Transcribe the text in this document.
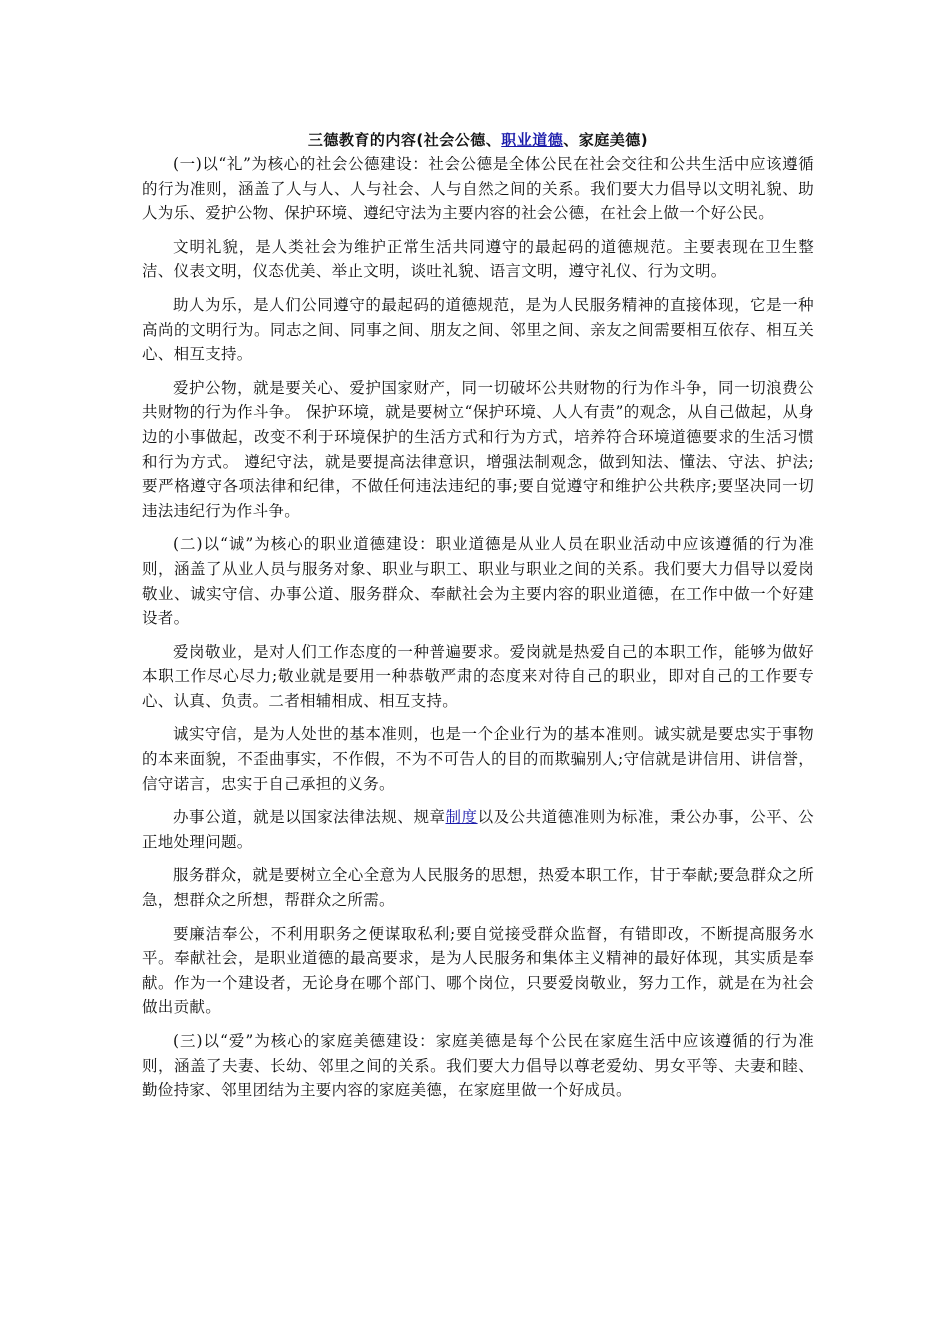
三德教育的内容(社会公德、职业道德、家庭美德)

(一)以“礼”为核心的社会公德建设：社会公德是全体公民在社会交往和公共生活中应该遵循的行为准则，涵盖了人与人、人与社会、人与自然之间的关系。我们要大力倡导以文明礼貌、助人为乐、爱护公物、保护环境、遵纪守法为主要内容的社会公德，在社会上做一个好公民。

文明礼貌，是人类社会为维护正常生活共同遵守的最起码的道德规范。主要表现在卫生整洁、仪表文明，仪态优美、举止文明，谈吐礼貌、语言文明，遵守礼仪、行为文明。

助人为乐，是人们公同遵守的最起码的道德规范，是为人民服务精神的直接体现，它是一种高尚的文明行为。同志之间、同事之间、朋友之间、邻里之间、亲友之间需要相互依存、相互关心、相互支持。

爱护公物，就是要关心、爱护国家财产，同一切破坏公共财物的行为作斗争，同一切浪费公共财物的行为作斗争。 保护环境，就是要树立“保护环境、人人有责”的观念，从自己做起，从身边的小事做起，改变不利于环境保护的生活方式和行为方式，培养符合环境道德要求的生活习惯和行为方式。 遵纪守法，就是要提高法律意识，增强法制观念，做到知法、懂法、守法、护法;要严格遵守各项法律和纪律，不做任何违法违纪的事;要自觉遵守和维护公共秩序;要坚决同一切违法违纪行为作斗争。

(二)以“诚”为核心的职业道德建设：职业道德是从业人员在职业活动中应该遵循的行为准则，涵盖了从业人员与服务对象、职业与职工、职业与职业之间的关系。我们要大力倡导以爱岗敬业、诚实守信、办事公道、服务群众、奉献社会为主要内容的职业道德，在工作中做一个好建设者。

爱岗敬业，是对人们工作态度的一种普遍要求。爱岗就是热爱自己的本职工作，能够为做好本职工作尽心尽力;敬业就是要用一种恭敬严肃的态度来对待自己的职业，即对自己的工作要专心、认真、负责。二者相辅相成、相互支持。

诚实守信，是为人处世的基本准则，也是一个企业行为的基本准则。诚实就是要忠实于事物的本来面貌，不歪曲事实，不作假，不为不可告人的目的而欺骗别人;守信就是讲信用、讲信誉，信守诺言，忠实于自己承担的义务。

办事公道，就是以国家法律法规、规章制度以及公共道德准则为标准，秉公办事，公平、公正地处理问题。

服务群众，就是要树立全心全意为人民服务的思想，热爱本职工作，甘于奉献;要急群众之所急，想群众之所想，帮群众之所需。

要廉洁奉公，不利用职务之便谋取私利;要自觉接受群众监督，有错即改，不断提高服务水平。奉献社会，是职业道德的最高要求，是为人民服务和集体主义精神的最好体现，其实质是奉献。作为一个建设者，无论身在哪个部门、哪个岗位，只要爱岗敬业，努力工作，就是在为社会做出贡献。

(三)以“爱”为核心的家庭美德建设：家庭美德是每个公民在家庭生活中应该遵循的行为准则，涵盖了夫妻、长幼、邻里之间的关系。我们要大力倡导以尊老爱幼、男女平等、夫妻和睦、勤俭持家、邻里团结为主要内容的家庭美德，在家庭里做一个好成员。
